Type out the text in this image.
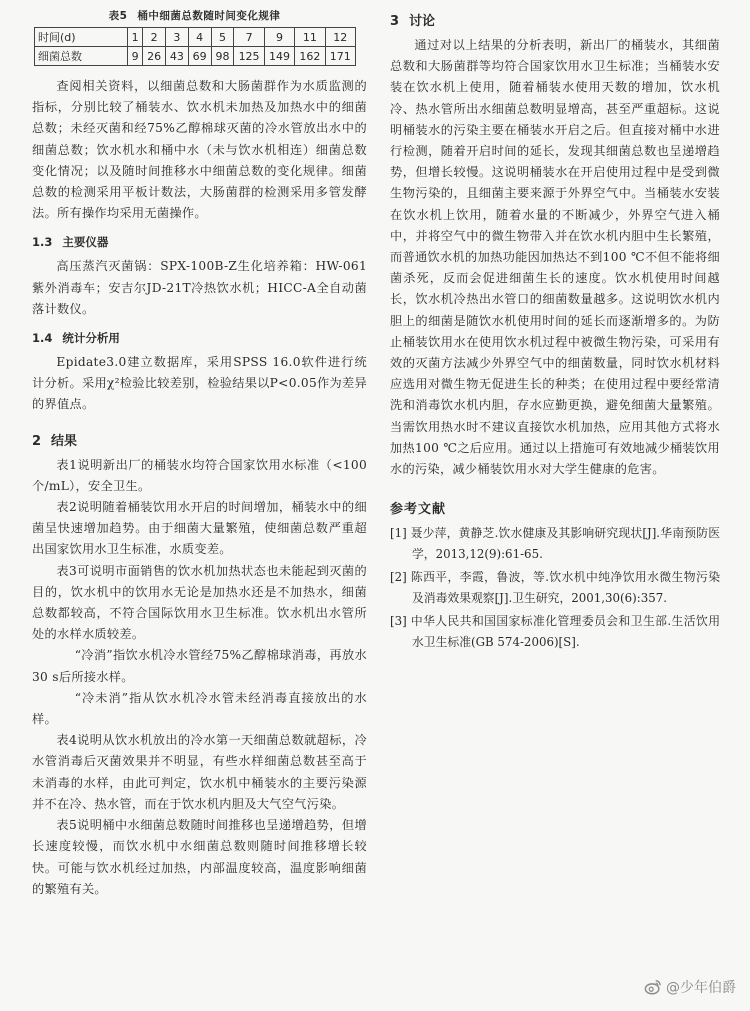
表5 桶中细菌总数随时间变化规律
时间(d)	1	2	3	4	5	7	9	11	12
细菌总数	9	26	43	69	98	125	149	162	171

查阅相关资料，以细菌总数和大肠菌群作为水质监测的指标，分别比较了桶装水、饮水机未加热及加热水中的细菌总数；未经灭菌和经75%乙醇棉球灭菌的冷水管放出水中的细菌总数；饮水机水和桶中水（未与饮水机相连）细菌总数变化情况；以及随时间推移水中细菌总数的变化规律。细菌总数的检测采用平板计数法，大肠菌群的检测采用多管发酵法。所有操作均采用无菌操作。

1.3 主要仪器

高压蒸汽灭菌锅：SPX-100B-Z生化培养箱：HW-061紫外消毒车；安吉尔JD-21T冷热饮水机；HICC-A全自动菌落计数仪。

1.4 统计分析用

Epidate3.0建立数据库，采用SPSS 16.0软件进行统计分析。采用χ²检验比较差别，检验结果以P<0.05作为差异的界值点。

2 结果

表1说明新出厂的桶装水均符合国家饮用水标准（<100个/mL），安全卫生。

表2说明随着桶装饮用水开启的时间增加，桶装水中的细菌呈快速增加趋势。由于细菌大量繁殖，使细菌总数严重超出国家饮用水卫生标准，水质变差。

表3可说明市面销售的饮水机加热状态也未能起到灭菌的目的，饮水机中的饮用水无论是加热水还是不加热水，细菌总数都较高，不符合国际饮用水卫生标准。饮水机出水管所处的水样水质较差。

“冷消”指饮水机冷水管经75%乙醇棉球消毒，再放水30 s后所接水样。

“冷未消”指从饮水机冷水管未经消毒直接放出的水样。

表4说明从饮水机放出的冷水第一天细菌总数就超标，冷水管消毒后灭菌效果并不明显，有些水样细菌总数甚至高于未消毒的水样，由此可判定，饮水机中桶装水的主要污染源并不在冷、热水管，而在于饮水机内胆及大气空气污染。

表5说明桶中水细菌总数随时间推移也呈递增趋势，但增长速度较慢，而饮水机中水细菌总数则随时间推移增长较快。可能与饮水机经过加热，内部温度较高，温度影响细菌的繁殖有关。

3 讨论

通过对以上结果的分析表明，新出厂的桶装水，其细菌总数和大肠菌群等均符合国家饮用水卫生标准；当桶装水安装在饮水机上使用，随着桶装水使用天数的增加，饮水机冷、热水管所出水细菌总数明显增高，甚至严重超标。这说明桶装水的污染主要在桶装水开启之后。但直接对桶中水进行检测，随着开启时间的延长，发现其细菌总数也呈递增趋势，但增长较慢。这说明桶装水在开启使用过程中是受到微生物污染的，且细菌主要来源于外界空气中。当桶装水安装在饮水机上饮用，随着水量的不断减少，外界空气进入桶中，并将空气中的微生物带入并在饮水机内胆中生长繁殖，而普通饮水机的加热功能因加热达不到100 ℃不但不能将细菌杀死，反而会促进细菌生长的速度。饮水机使用时间越长，饮水机冷热出水管口的细菌数量越多。这说明饮水机内胆上的细菌是随饮水机使用时间的延长而逐渐增多的。为防止桶装饮用水在使用饮水机过程中被微生物污染，可采用有效的灭菌方法减少外界空气中的细菌数量，同时饮水机材料应选用对微生物无促进生长的种类；在使用过程中要经常清洗和消毒饮水机内胆，存水应勤更换，避免细菌大量繁殖。当需饮用热水时不建议直接饮水机加热，应用其他方式将水加热100 ℃之后应用。通过以上措施可有效地减少桶装饮用水的污染，减少桶装饮用水对大学生健康的危害。

参考文献
[1] 聂少萍，黄静芝.饮水健康及其影响研究现状[J].华南预防医学，2013,12(9):61-65.
[2] 陈西平，李霞，鲁波，等.饮水机中纯净饮用水微生物污染及消毒效果观察[J].卫生研究，2001,30(6):357.
[3] 中华人民共和国国家标准化管理委员会和卫生部.生活饮用水卫生标准(GB 574-2006)[S].
@少年伯爵
